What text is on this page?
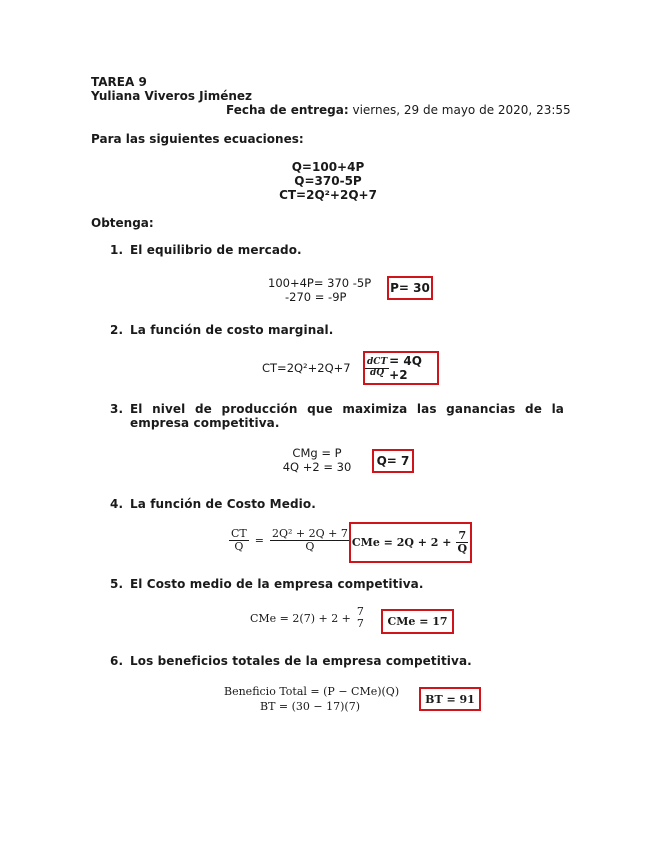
TAREA 9
Yuliana Viveros Jiménez
Fecha de entrega: viernes, 29 de mayo de 2020, 23:55
Para las siguientes ecuaciones:
Q=100+4P
Q=370-5P
CT=2Q²+2Q+7
Obtenga:
1. El equilibrio de mercado.
100+4P= 370 -5P
-270 = -9P
P= 30
2. La función de costo marginal.
$CT=2Q^2+2Q+7 \frac{\text{dCT}}{dQ} = 4Q +2$
3. El nivel de producción que maximiza las ganancias de la
empresa competitiva.
CMg = P
4Q +2 = 30 Q= 7
4. La función de Costo Medio.
$\frac{CT}{Q} = \frac{\text{2Q² + 2Q + 7}}{Q}$ CMe = $2Q + 2 + \frac{7}{Q}$
5. El Costo medio de la empresa competitiva.
CMe = 2(7) + 2 +
7
7 CMe = 17
6. Los beneficios totales de la empresa competitiva.
Beneficio Total = (P − CMe)(Q)
BT = (30 − 17)(7)
BT = 91
